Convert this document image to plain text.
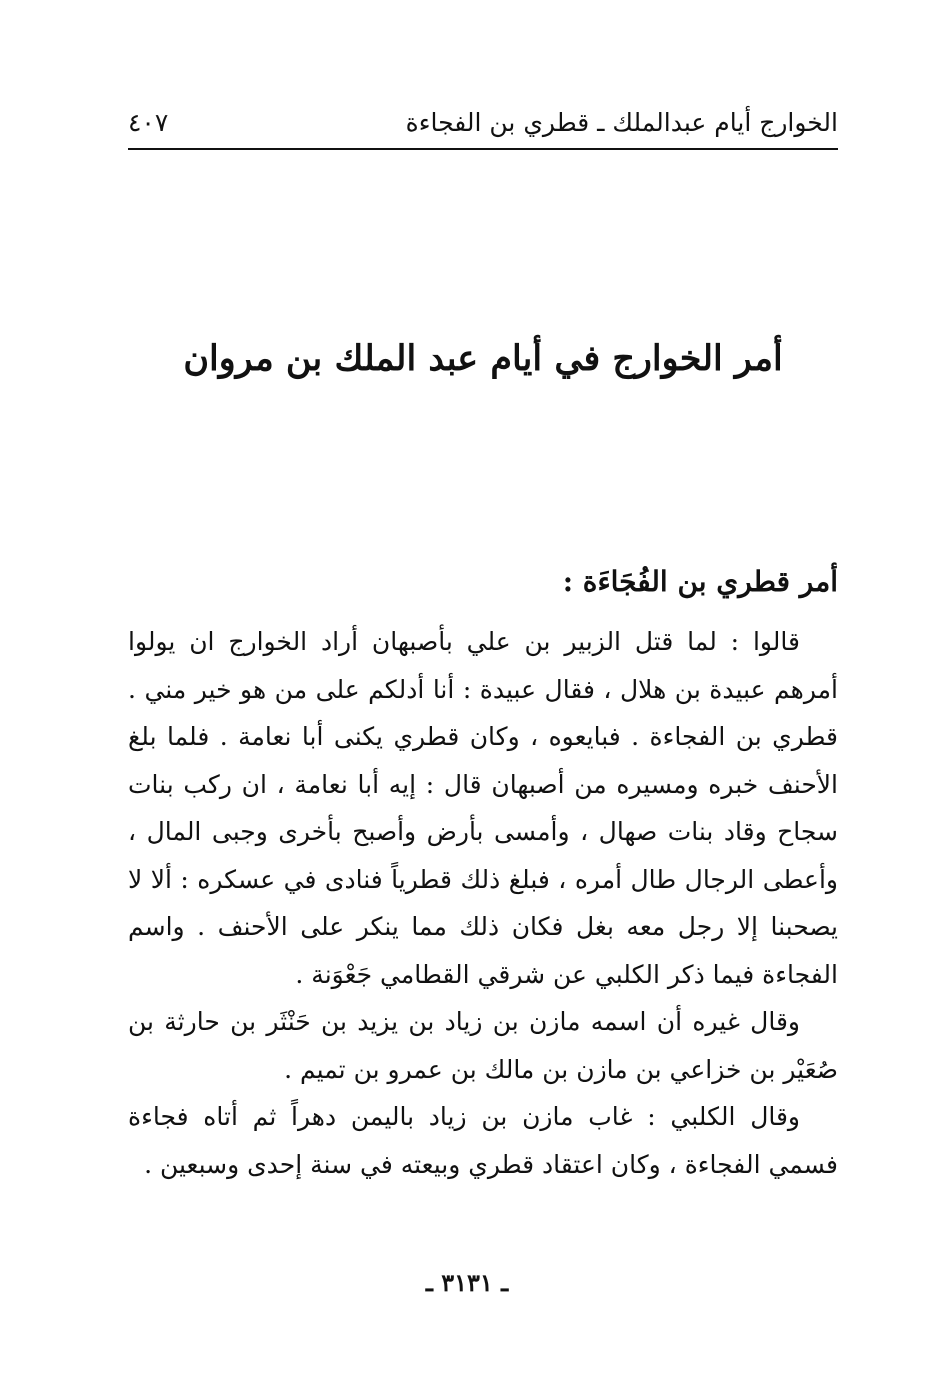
الخوارج أيام عبدالملك ـ قطري بن الفجاءة
٤٠٧
أمر الخوارج في أيام عبد الملك بن مروان
أمر قطري بن الفُجَاءَة :

قالوا : لما قتل الزبير بن علي بأصبهان أراد الخوارج ان يولوا أمرهم عبيدة بن هلال ، فقال عبيدة : أنا أدلكم على من هو خير مني . قطري بن الفجاءة . فبايعوه ، وكان قطري يكنى أبا نعامة . فلما بلغ الأحنف خبره ومسيره من أصبهان قال : إيه أبا نعامة ، ان ركب بنات سجاح وقاد بنات صهال ، وأمسى بأرض وأصبح بأخرى وجبى المال ، وأعطى الرجال طال أمره ، فبلغ ذلك قطرياً فنادى في عسكره : ألا لا يصحبنا إلا رجل معه بغل فكان ذلك مما ينكر على الأحنف . واسم الفجاءة فيما ذكر الكلبي عن شرقي القطامي جَعْوَنة .

وقال غيره أن اسمه مازن بن زياد بن يزيد بن حَنْثَر بن حارثة بن صُعَيْر بن خزاعي بن مازن بن مالك بن عمرو بن تميم .

وقال الكلبي : غاب مازن بن زياد باليمن دهراً ثم أتاه فجاءة فسمي الفجاءة ، وكان اعتقاد قطري وبيعته في سنة إحدى وسبعين .

ـ ٣١٣١ ـ
